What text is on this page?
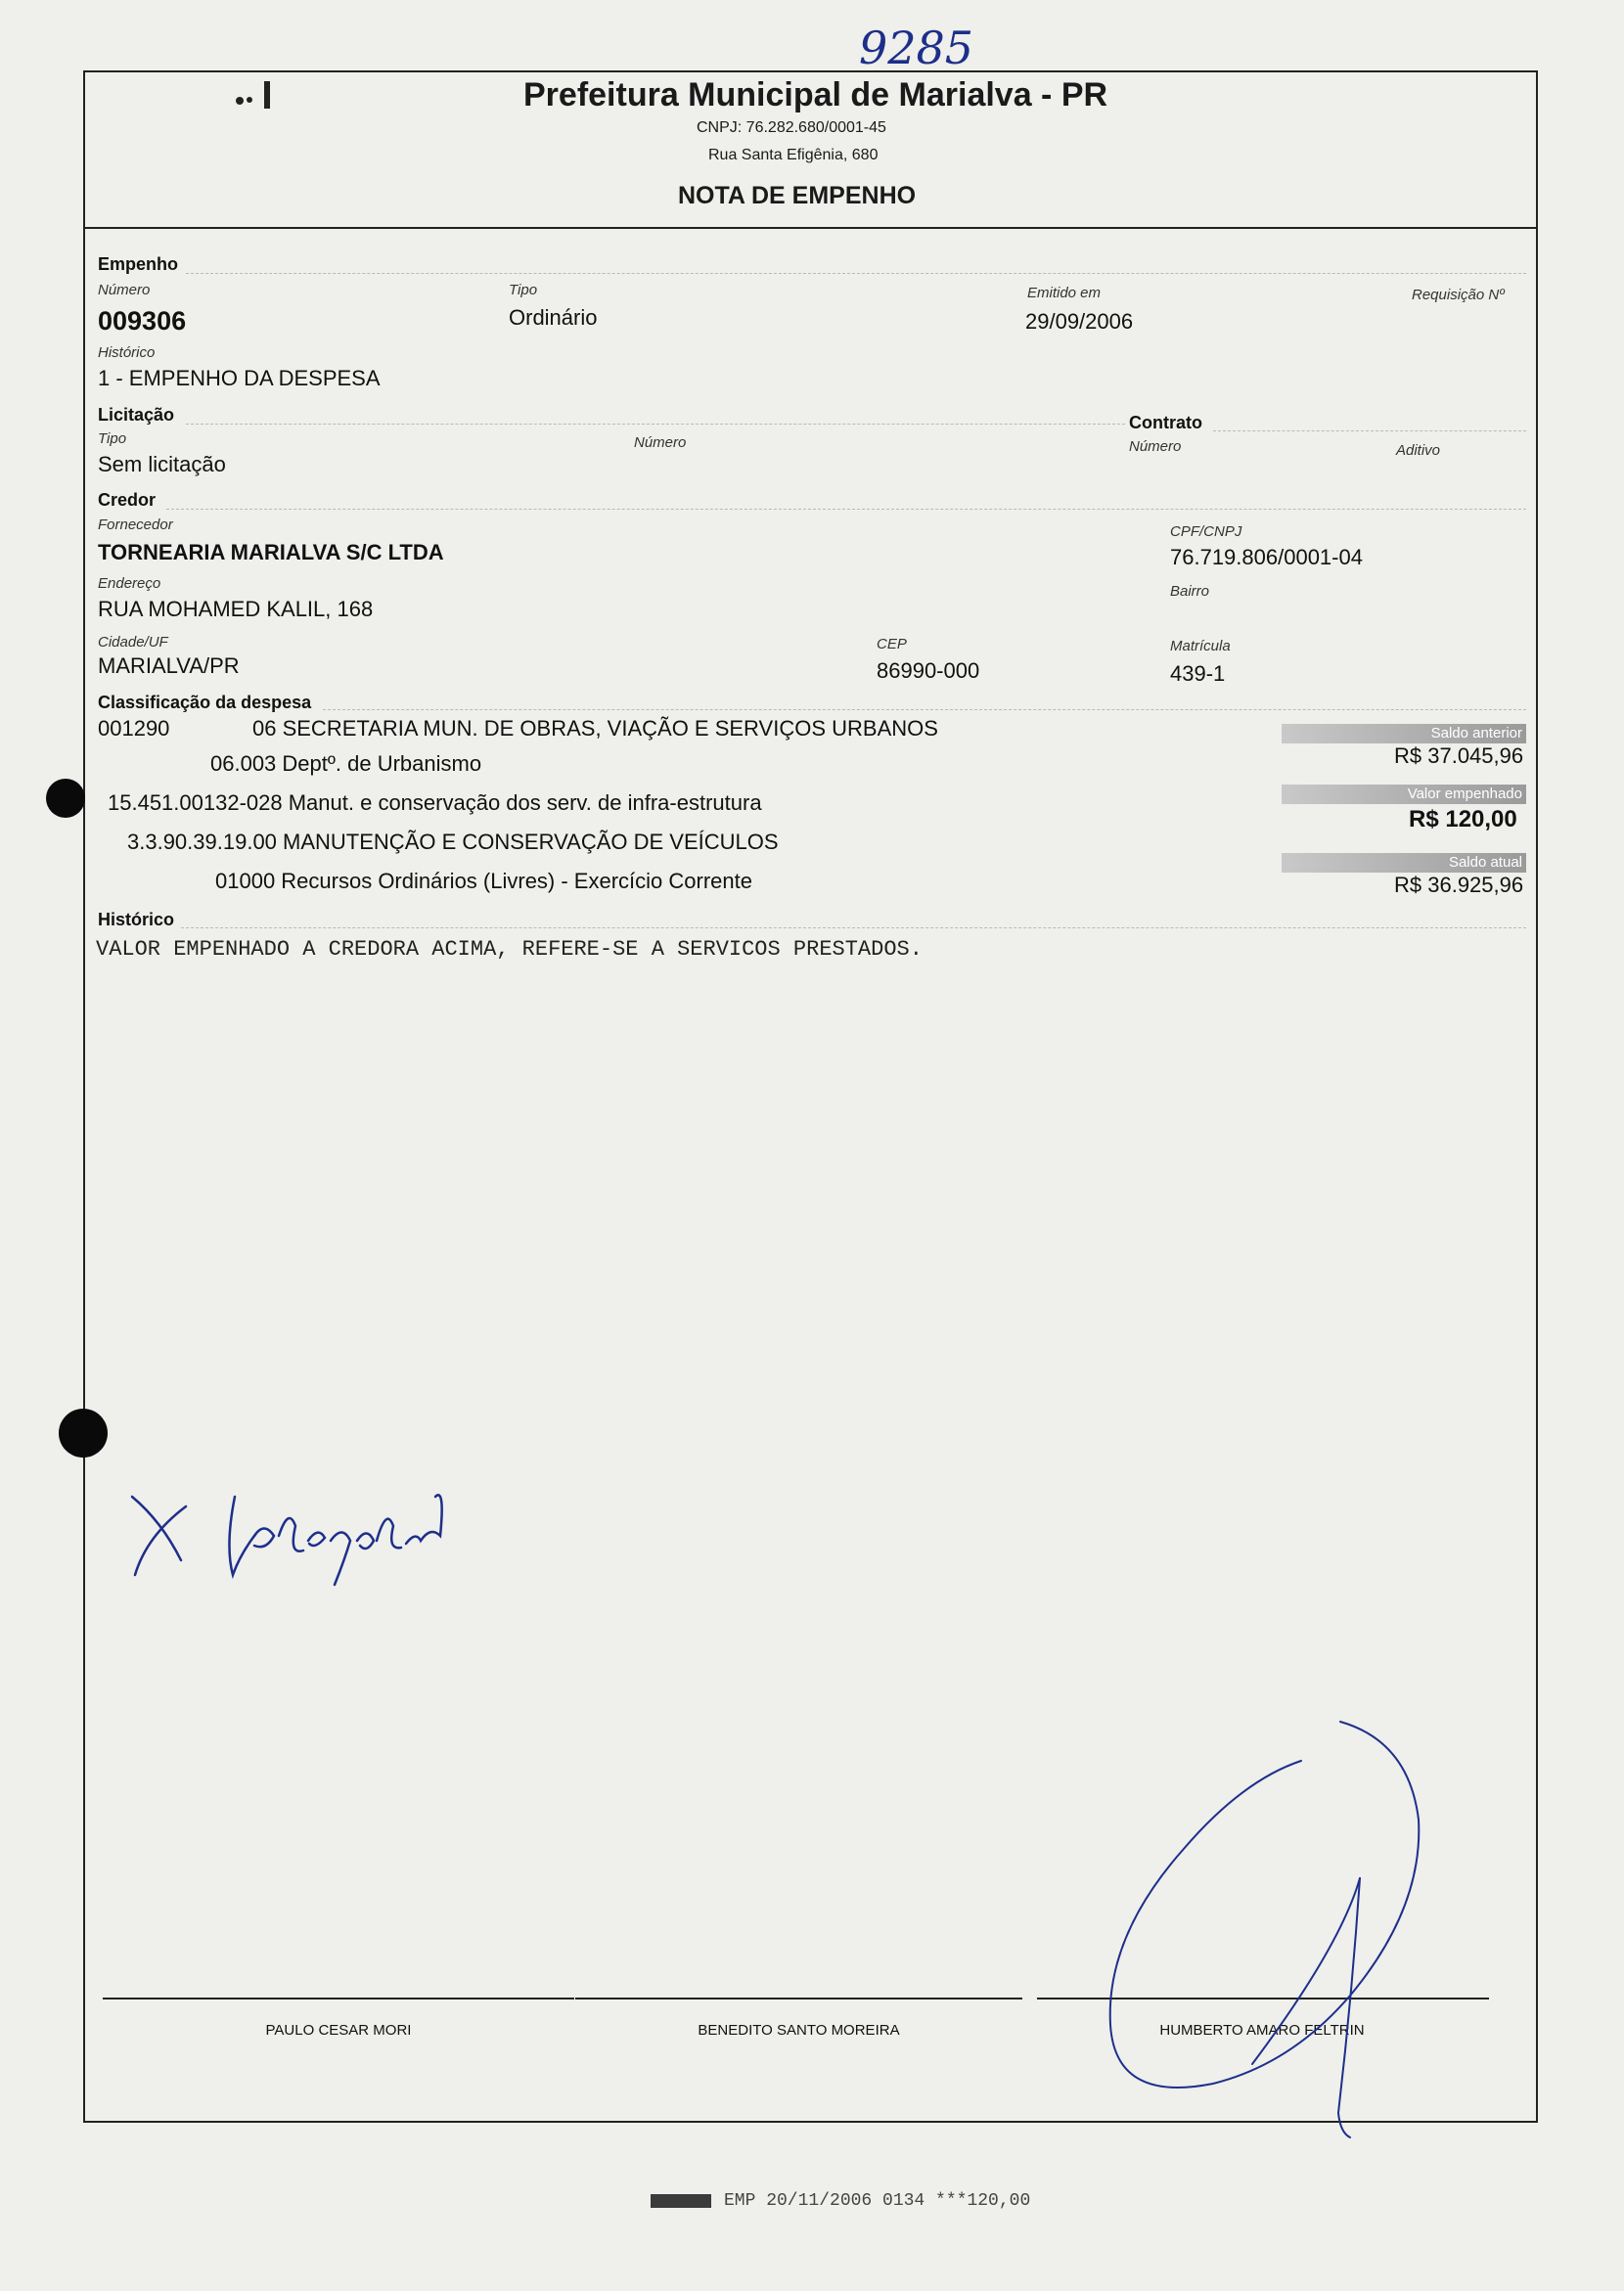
9285
Prefeitura Municipal de Marialva - PR
CNPJ: 76.282.680/0001-45
Rua Santa Efigênia, 680
NOTA DE EMPENHO
Empenho
Número
009306
Tipo
Ordinário
Emitido em
29/09/2006
Requisição Nº
Histórico
1 - EMPENHO DA DESPESA
Licitação
Tipo
Sem licitação
Número
Contrato
Número	Aditivo
Credor
Fornecedor
TORNEARIA MARIALVA S/C LTDA
CPF/CNPJ
76.719.806/0001-04
Endereço
RUA MOHAMED KALIL, 168
Bairro
Cidade/UF
MARIALVA/PR
CEP
86990-000
Matrícula
439-1
Classificação da despesa
001290	06 SECRETARIA MUN. DE OBRAS, VIAÇÃO E SERVIÇOS URBANOS
06.003 Deptº. de Urbanismo
15.451.00132-028 Manut. e conservação dos serv. de infra-estrutura
3.3.90.39.19.00 MANUTENÇÃO E CONSERVAÇÃO DE VEÍCULOS
01000 Recursos Ordinários (Livres) - Exercício Corrente
Saldo anterior
R$ 37.045,96
Valor empenhado
R$ 120,00
Saldo atual
R$ 36.925,96
Histórico
VALOR EMPENHADO A CREDORA ACIMA, REFERE-SE A SERVICOS PRESTADOS.
PAULO CESAR MORI	BENEDITO SANTO MOREIRA	HUMBERTO AMARO FELTRIN
EMP 20/11/2006 0134 ***120,00
